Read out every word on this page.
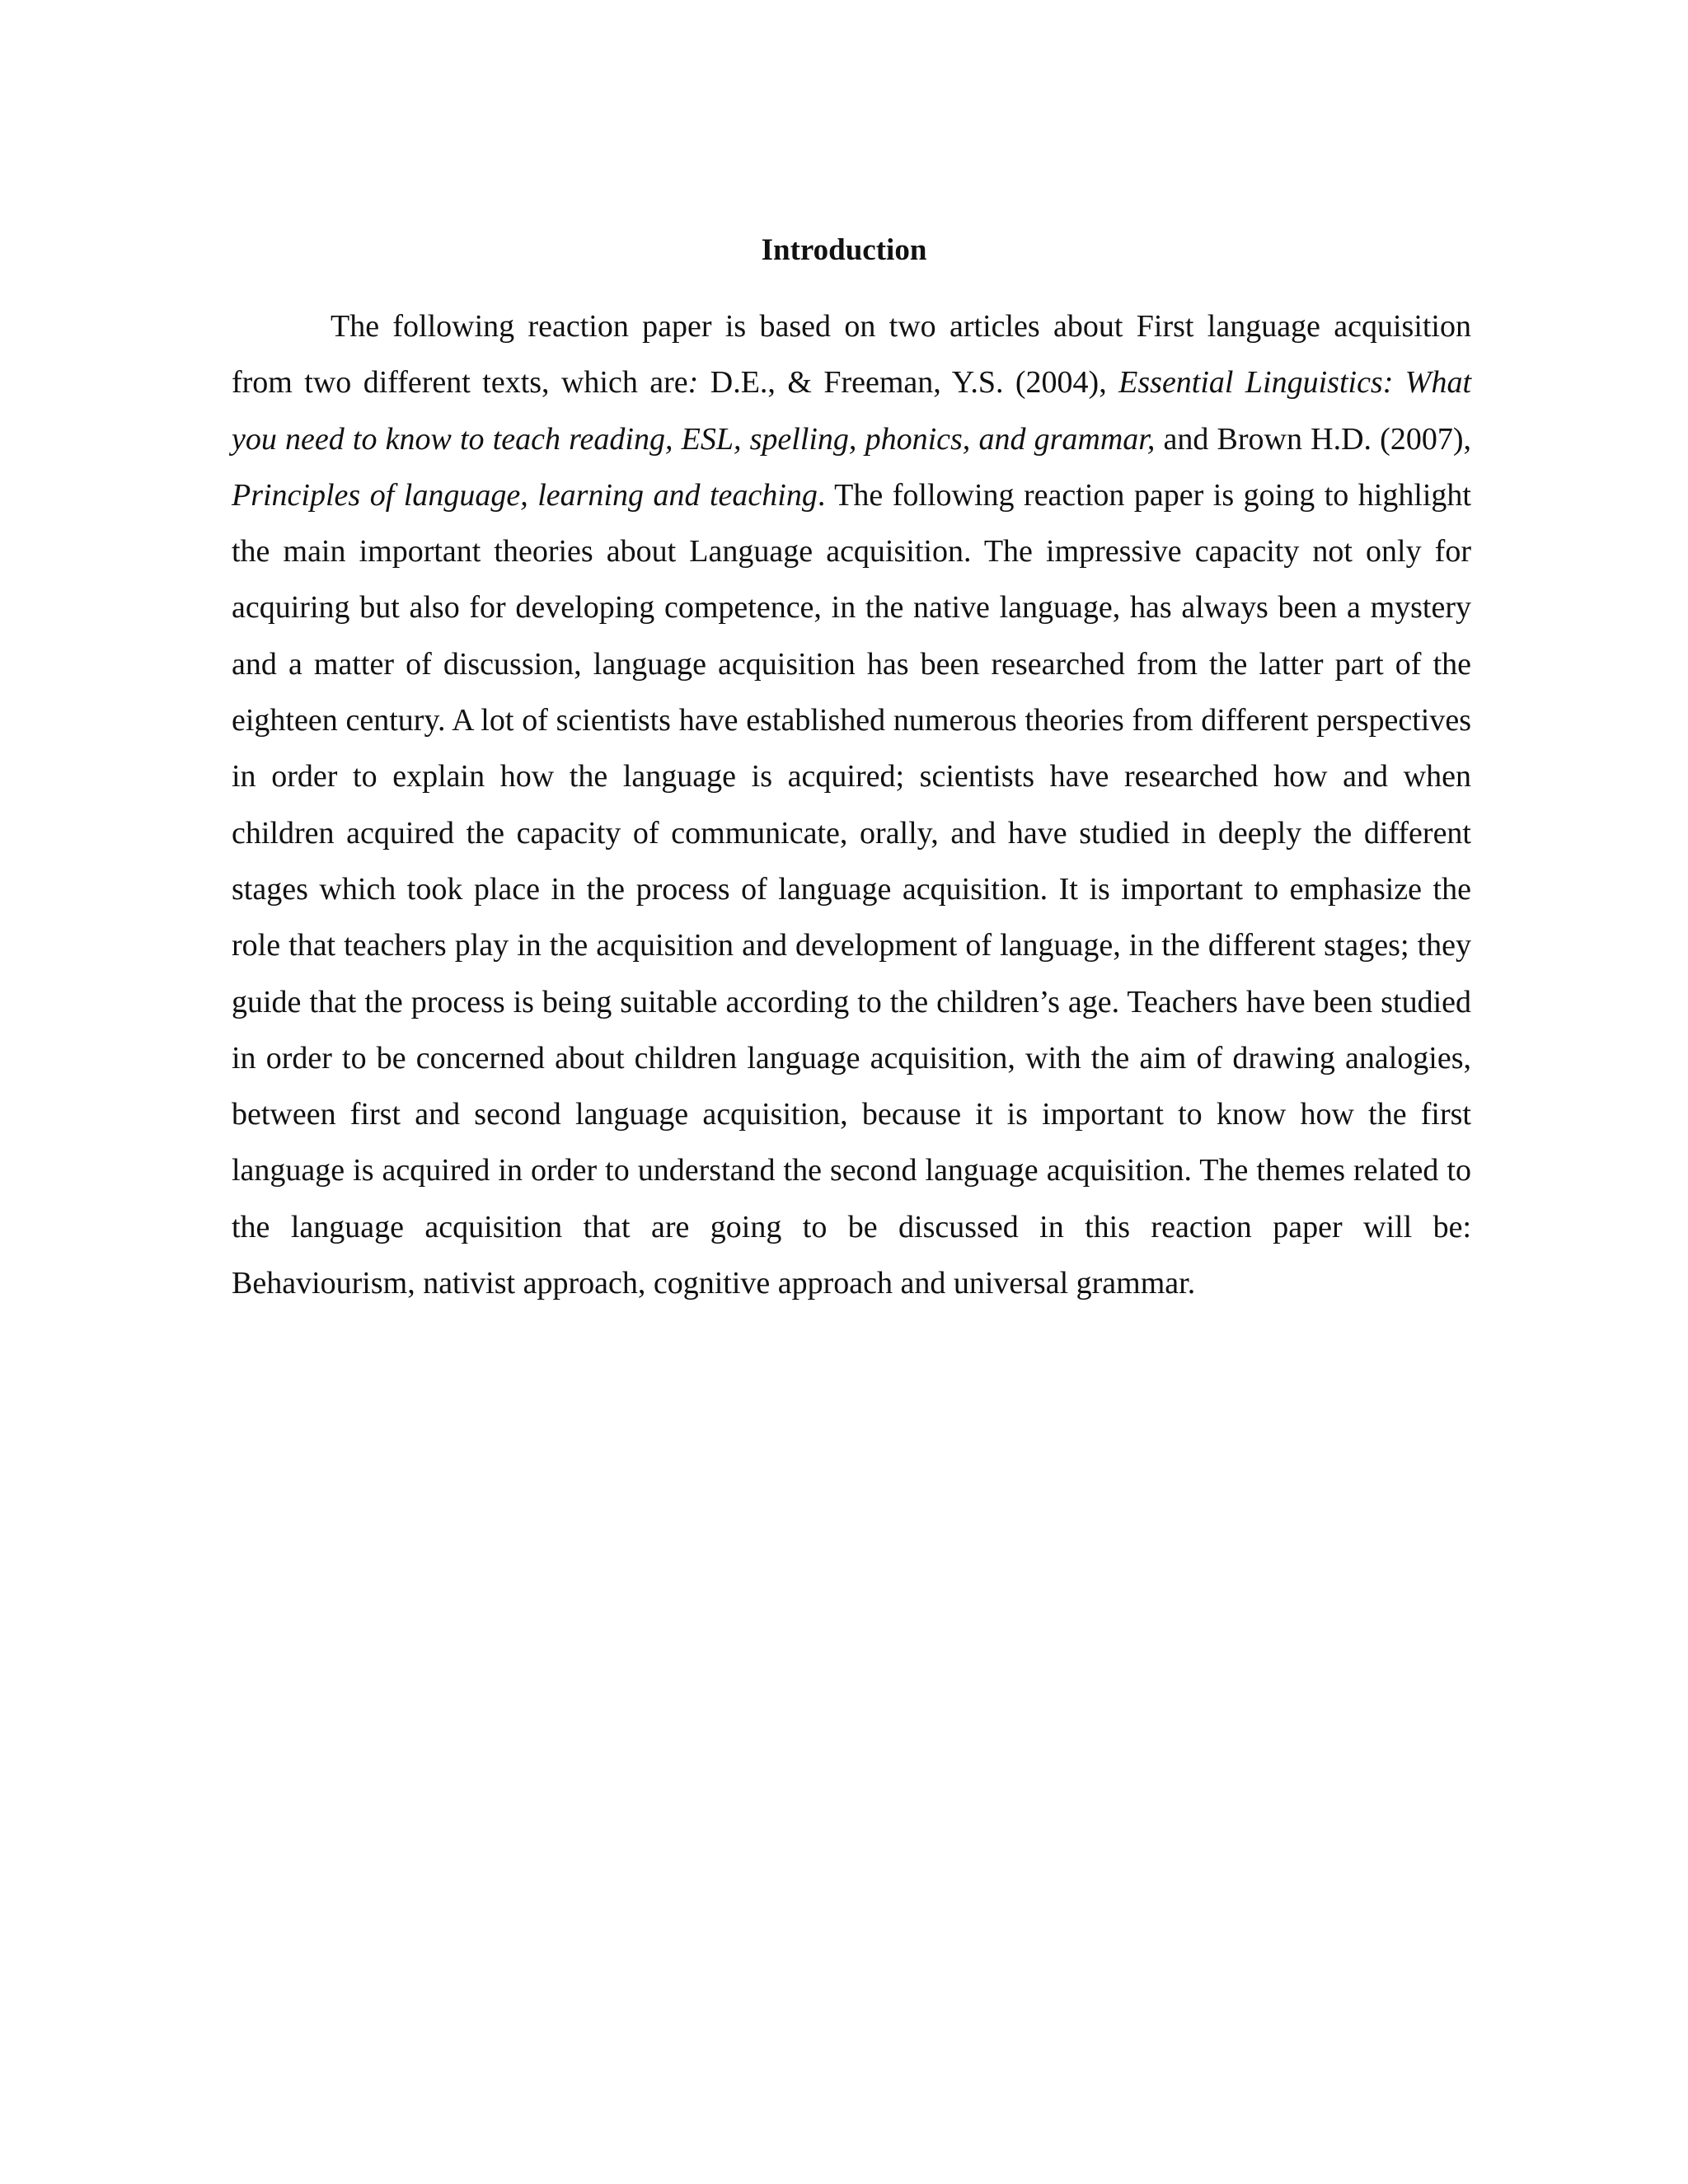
Introduction

The following reaction paper is based on two articles about First language acquisition from two different texts, which are: D.E., & Freeman, Y.S. (2004), Essential Linguistics: What you need to know to teach reading, ESL, spelling, phonics, and grammar, and Brown H.D. (2007), Principles of language, learning and teaching. The following reaction paper is going to highlight the main important theories about Language acquisition. The impressive capacity not only for acquiring but also for developing competence, in the native language, has always been a mystery and a matter of discussion, language acquisition has been researched from the latter part of the eighteen century. A lot of scientists have established numerous theories from different perspectives in order to explain how the language is acquired; scientists have researched how and when children acquired the capacity of communicate, orally, and have studied in deeply the different stages which took place in the process of language acquisition. It is important to emphasize the role that teachers play in the acquisition and development of language, in the different stages; they guide that the process is being suitable according to the children’s age. Teachers have been studied in order to be concerned about children language acquisition, with the aim of drawing analogies, between first and second language acquisition, because it is important to know how the first language is acquired in order to understand the second language acquisition. The themes related to the language acquisition that are going to be discussed in this reaction paper will be: Behaviourism, nativist approach, cognitive approach and universal grammar.
